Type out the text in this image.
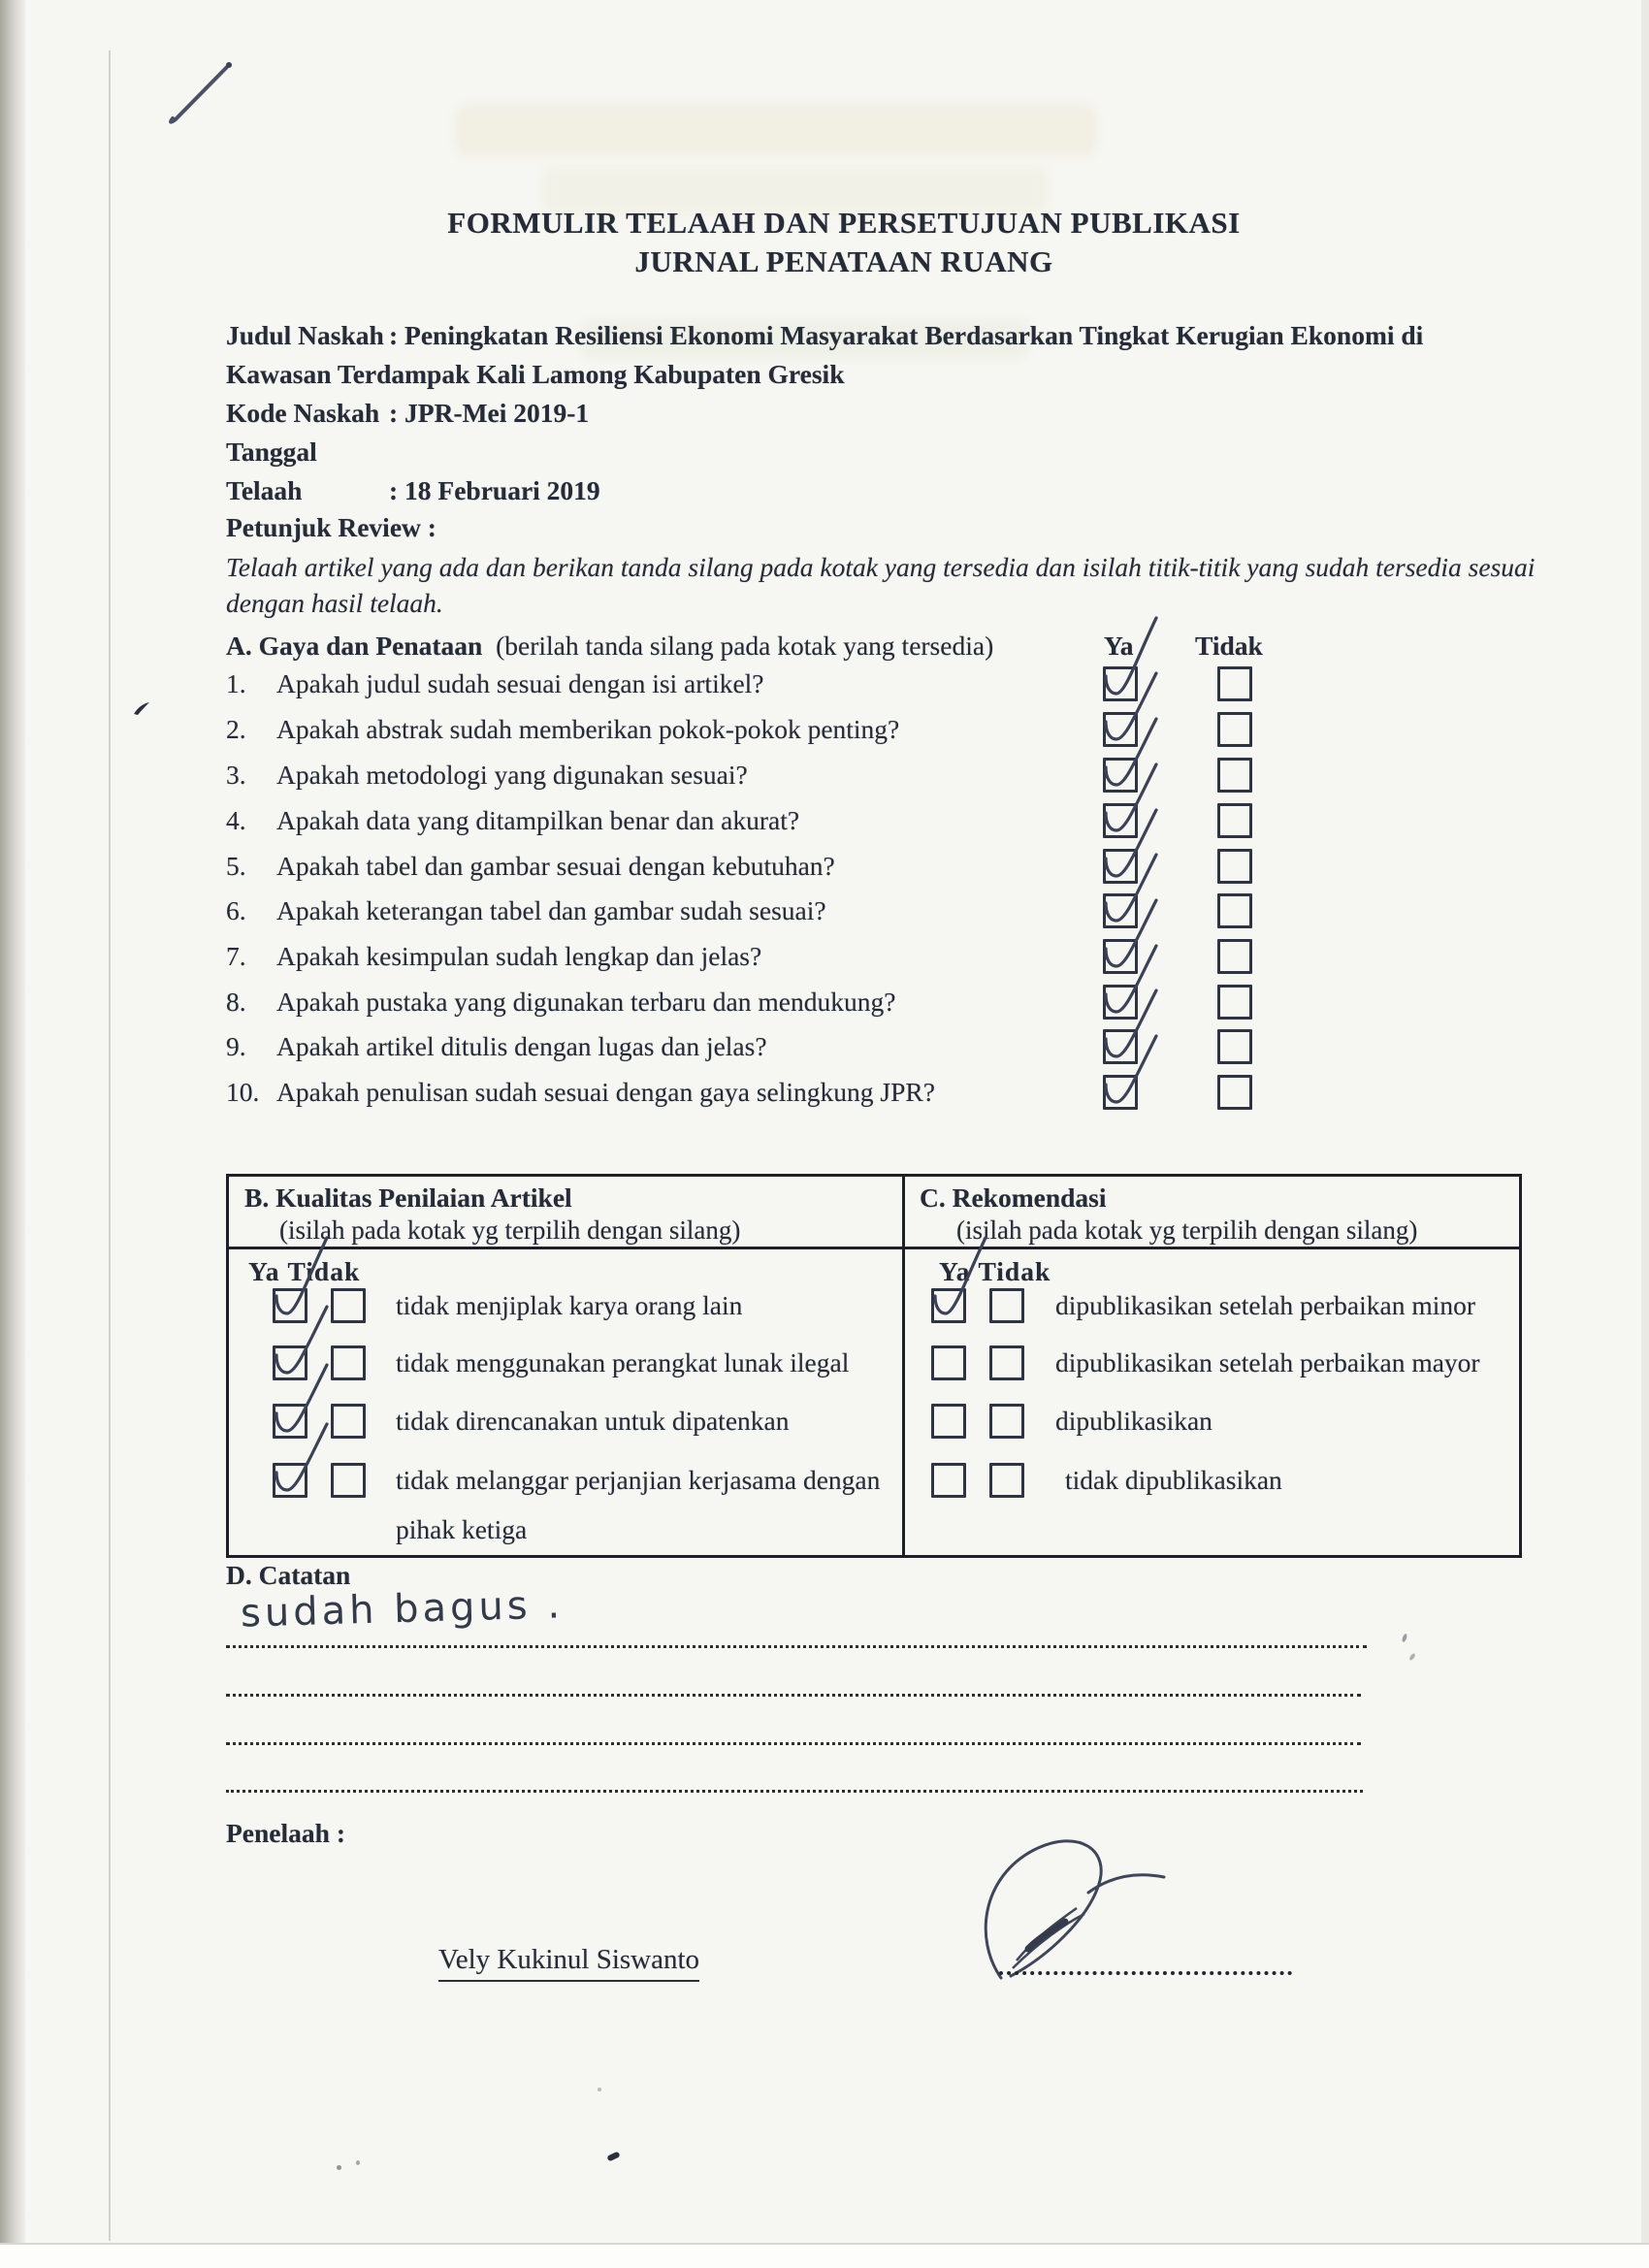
FORMULIR TELAAH DAN PERSETUJUAN PUBLIKASI
JURNAL PENATAAN RUANG

Judul Naskah : Peningkatan Resiliensi Ekonomi Masyarakat Berdasarkan Tingkat Kerugian Ekonomi di Kawasan Terdampak Kali Lamong Kabupaten Gresik

Kode Naskah : JPR-Mei 2019-1

Tanggal Telaah	: 18 Februari 2019

Petunjuk Review :
Telaah artikel yang ada dan berikan tanda silang pada kotak yang tersedia dan isilah titik-titik yang sudah tersedia sesuai dengan hasil telaah.
A. Gaya dan Penataan (berilah tanda silang pada kotak yang tersedia)	Ya Tidak
1. Apakah judul sudah sesuai dengan isi artikel?
2. Apakah abstrak sudah memberikan pokok-pokok penting?
3. Apakah metodologi yang digunakan sesuai?
4. Apakah data yang ditampilkan benar dan akurat?
5. Apakah tabel dan gambar sesuai dengan kebutuhan?
6. Apakah keterangan tabel dan gambar sudah sesuai?
7. Apakah kesimpulan sudah lengkap dan jelas?
8. Apakah pustaka yang digunakan terbaru dan mendukung?
9. Apakah artikel ditulis dengan lugas dan jelas?
10. Apakah penulisan sudah sesuai dengan gaya selingkung JPR?
B. Kualitas Penilaian Artikel
(isilah pada kotak yg terpilih dengan silang)
C. Rekomendasi
(isilah pada kotak yg terpilih dengan silang)
Ya  Tidak	Ya  Tidak
tidak menjiplak karya orang lain
tidak menggunakan perangkat lunak ilegal
tidak direncanakan untuk dipatenkan
tidak melanggar perjanjian kerjasama dengan
pihak ketiga
dipublikasikan setelah perbaikan minor
dipublikasikan setelah perbaikan mayor
dipublikasikan
tidak dipublikasikan
D. Catatan
sudah bagus .
Penelaah :
Vely Kukinul Siswanto
